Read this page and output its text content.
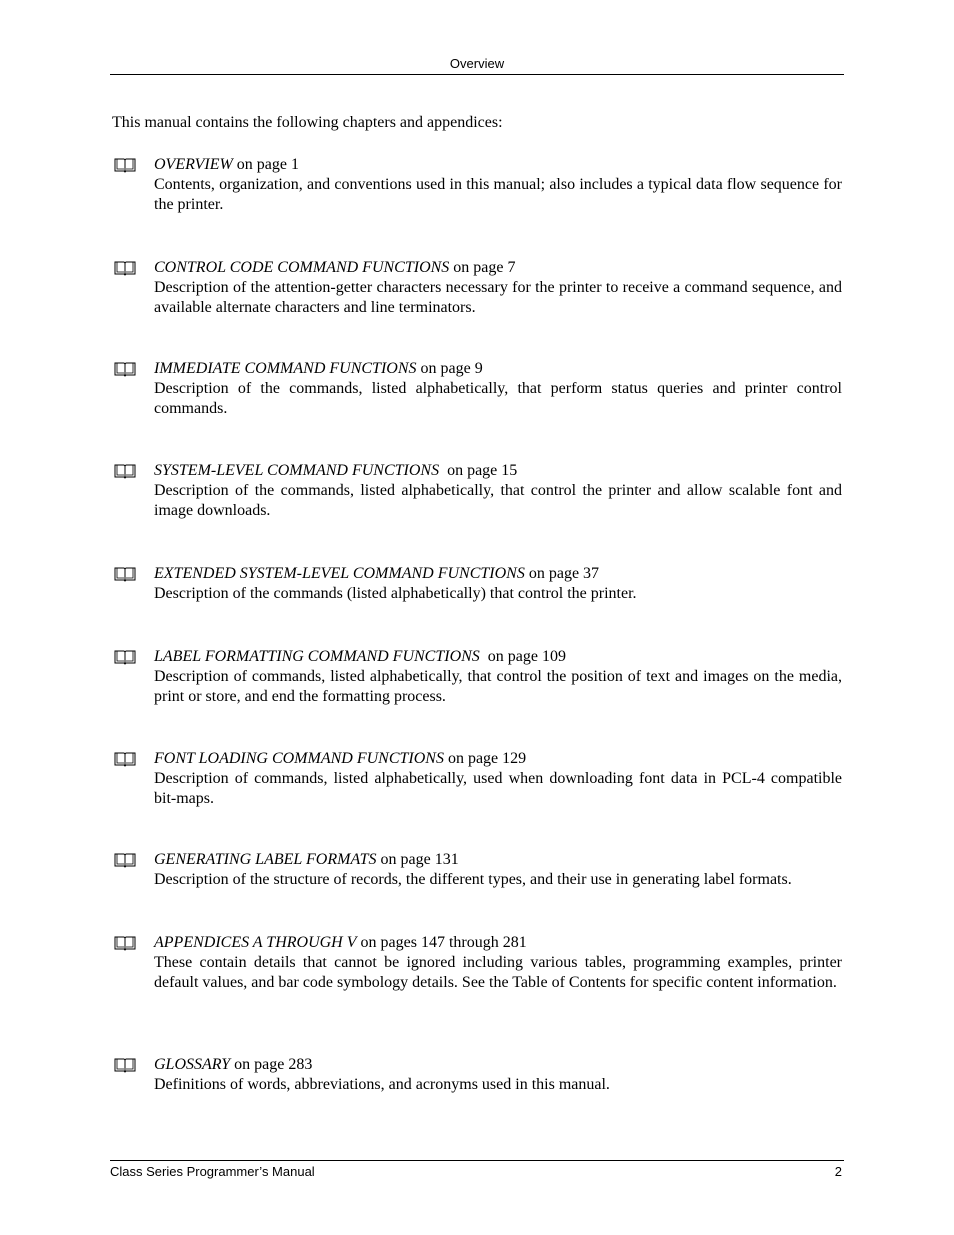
Overview
This manual contains the following chapters and appendices:

OVERVIEW on page 1

Contents, organization, and conventions used in this manual; also includes a typical data flow sequence for the printer.

CONTROL CODE COMMAND FUNCTIONS on page 7

Description of the attention-getter characters necessary for the printer to receive a command sequence, and available alternate characters and line terminators.

IMMEDIATE COMMAND FUNCTIONS on page 9

Description of the commands, listed alphabetically, that perform status queries and printer control commands.

SYSTEM-LEVEL COMMAND FUNCTIONS  on page 15

Description of the commands, listed alphabetically, that control the printer and allow scalable font and image downloads.

EXTENDED SYSTEM-LEVEL COMMAND FUNCTIONS on page 37

Description of the commands (listed alphabetically) that control the printer.

LABEL FORMATTING COMMAND FUNCTIONS  on page 109

Description of commands, listed alphabetically, that control the position of text and images on the media, print or store, and end the formatting process.

FONT LOADING COMMAND FUNCTIONS on page 129

Description of commands, listed alphabetically, used when downloading font data in PCL-4 compatible bit-maps.

GENERATING LABEL FORMATS on page 131

Description of the structure of records, the different types, and their use in generating label formats.

APPENDICES A THROUGH V on pages 147 through 281

These contain details that cannot be ignored including various tables, programming examples, printer default values, and bar code symbology details. See the Table of Contents for specific content information.

GLOSSARY on page 283

Definitions of words, abbreviations, and acronyms used in this manual.

Class Series Programmer’s Manual	2
